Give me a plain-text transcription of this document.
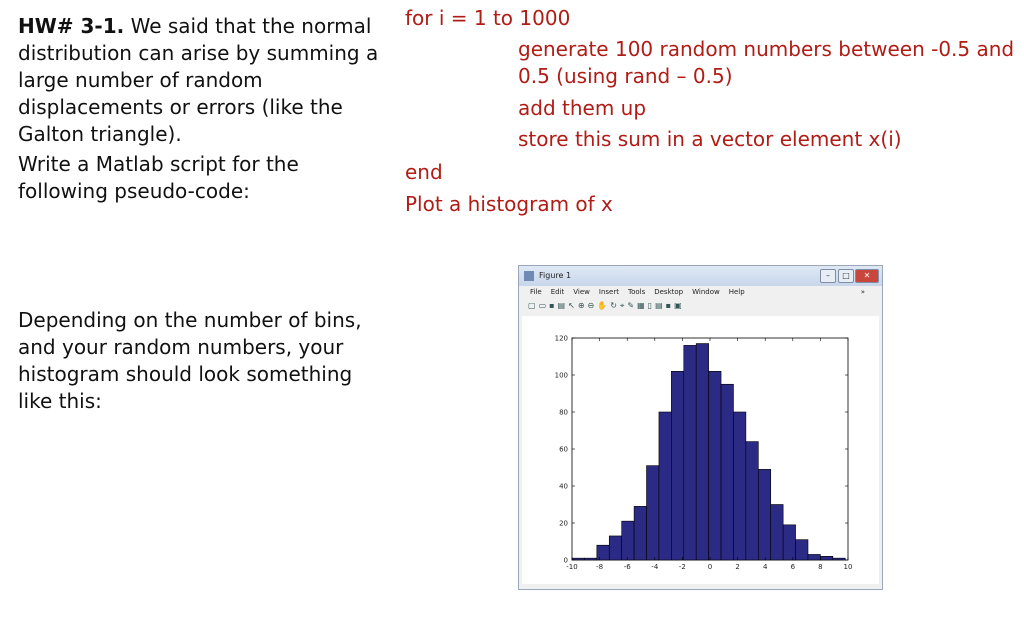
HW# 3-1. We said that the normal distribution can arise by summing a large number of random displacements or errors (like the Galton triangle).
Write a Matlab script for the following pseudo-code:
Depending on the number of bins, and your random numbers, your histogram should look something like this:
for i = 1 to 1000
generate 100 random numbers between -0.5 and 0.5 (using rand – 0.5)
add them up
store this sum in a vector element x(i)
end
Plot a histogram of x
Figure 1	–	□	✕
File Edit View Insert Tools Desktop Window Help	»
▢▭▪▤↖⊕⊖✋↻⌖✎▦▯▤▪▣
-10	-8	-6	-4	-2	0	2	4	6	8	10
0
20
40
60
80
100
120
